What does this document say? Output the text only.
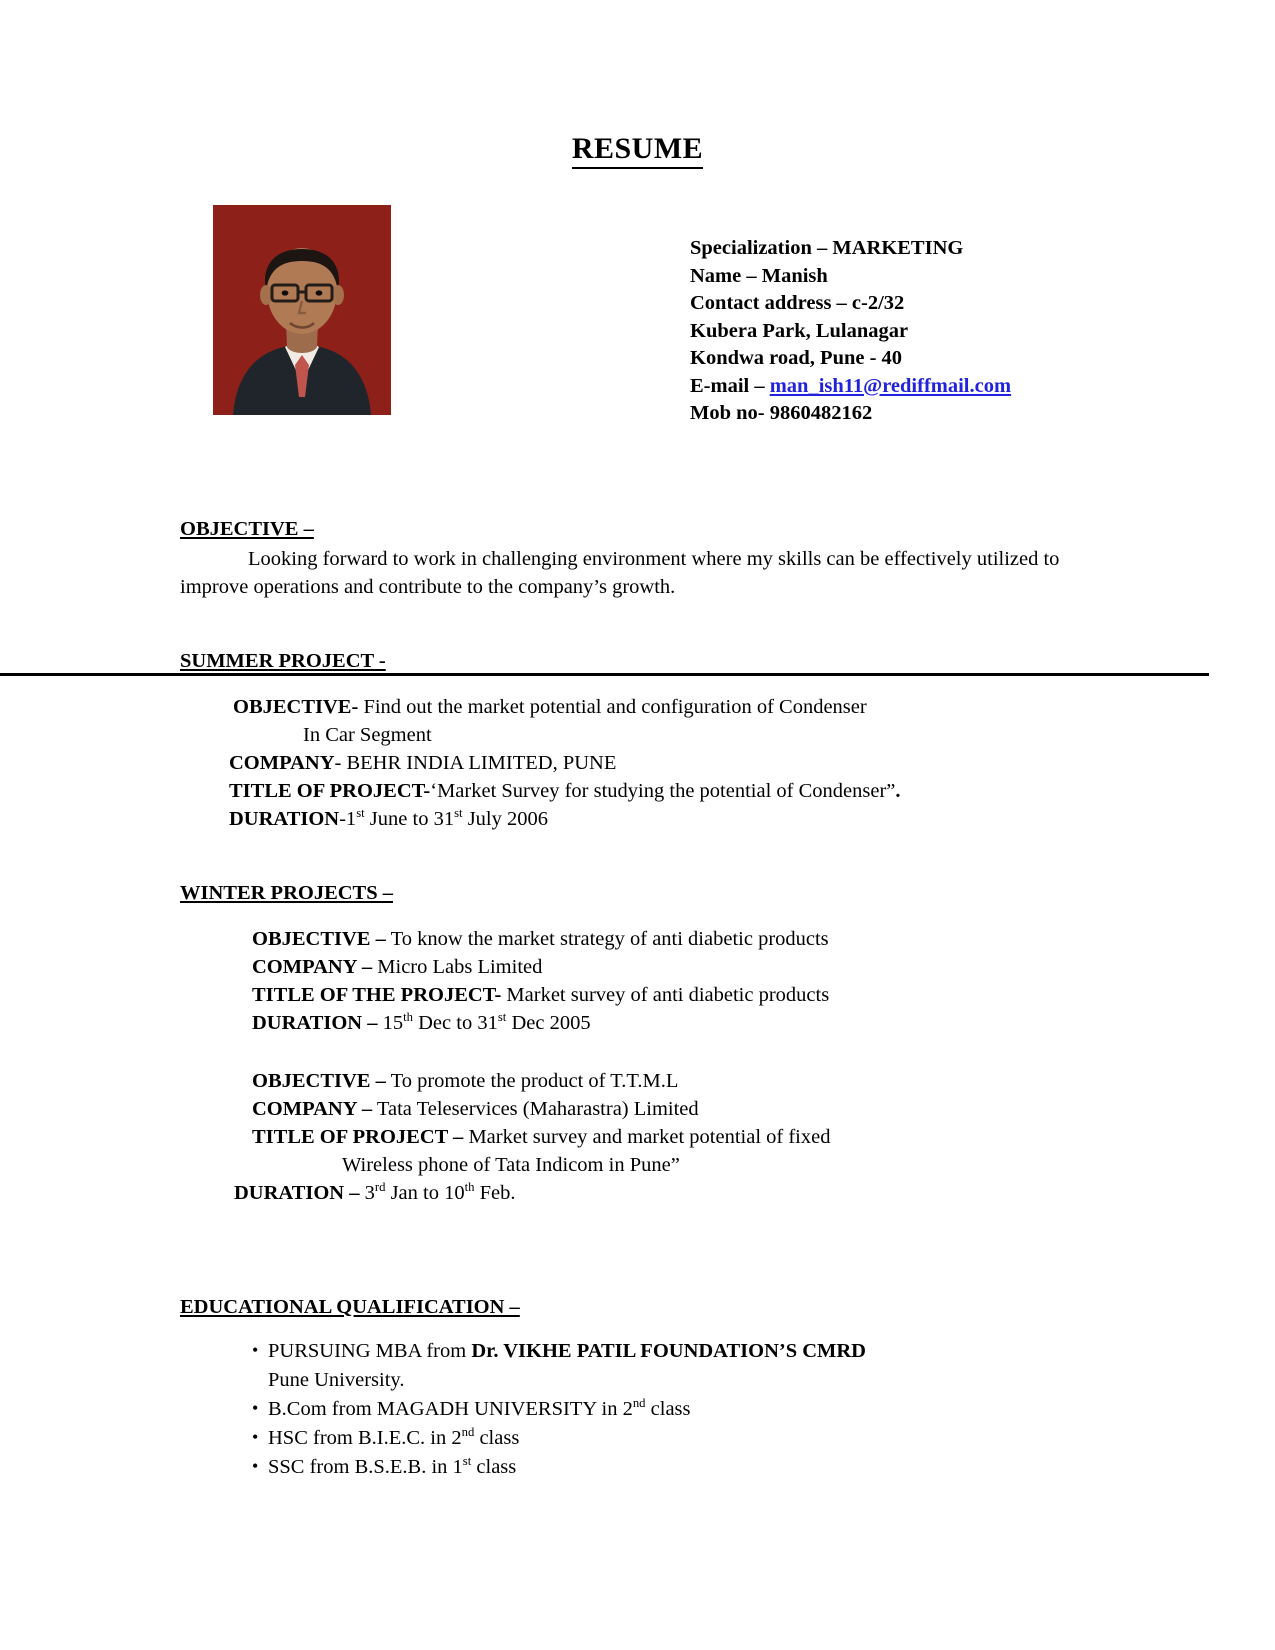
RESUME
Specialization – MARKETING
Name – Manish
Contact address – c-2/32
Kubera Park, Lulanagar
Kondwa road, Pune - 40
E-mail – man_ish11@rediffmail.com
Mob no- 9860482162
OBJECTIVE –
Looking forward to work in challenging environment where my skills can be effectively utilized to improve operations and contribute to the company’s growth.
SUMMER PROJECT -
OBJECTIVE- Find out the market potential and configuration of Condenser
In Car Segment
COMPANY- BEHR INDIA LIMITED, PUNE
TITLE OF PROJECT-‘Market Survey for studying the potential of Condenser”.
DURATION-1st June to 31st July 2006
WINTER PROJECTS –
OBJECTIVE – To know the market strategy of anti diabetic products
COMPANY – Micro Labs Limited
TITLE OF THE PROJECT- Market survey of anti diabetic products
DURATION – 15th Dec to 31st Dec 2005
OBJECTIVE – To promote the product of T.T.M.L
COMPANY – Tata Teleservices (Maharastra) Limited
TITLE OF PROJECT – Market survey and market potential of fixed
Wireless phone of Tata Indicom in Pune”
DURATION – 3rd Jan to 10th Feb.
EDUCATIONAL QUALIFICATION –
• PURSUING MBA from Dr. VIKHE PATIL FOUNDATION’S CMRD
Pune University.
• B.Com from MAGADH UNIVERSITY in 2nd class
• HSC from B.I.E.C. in 2nd class
• SSC from B.S.E.B. in 1st class
